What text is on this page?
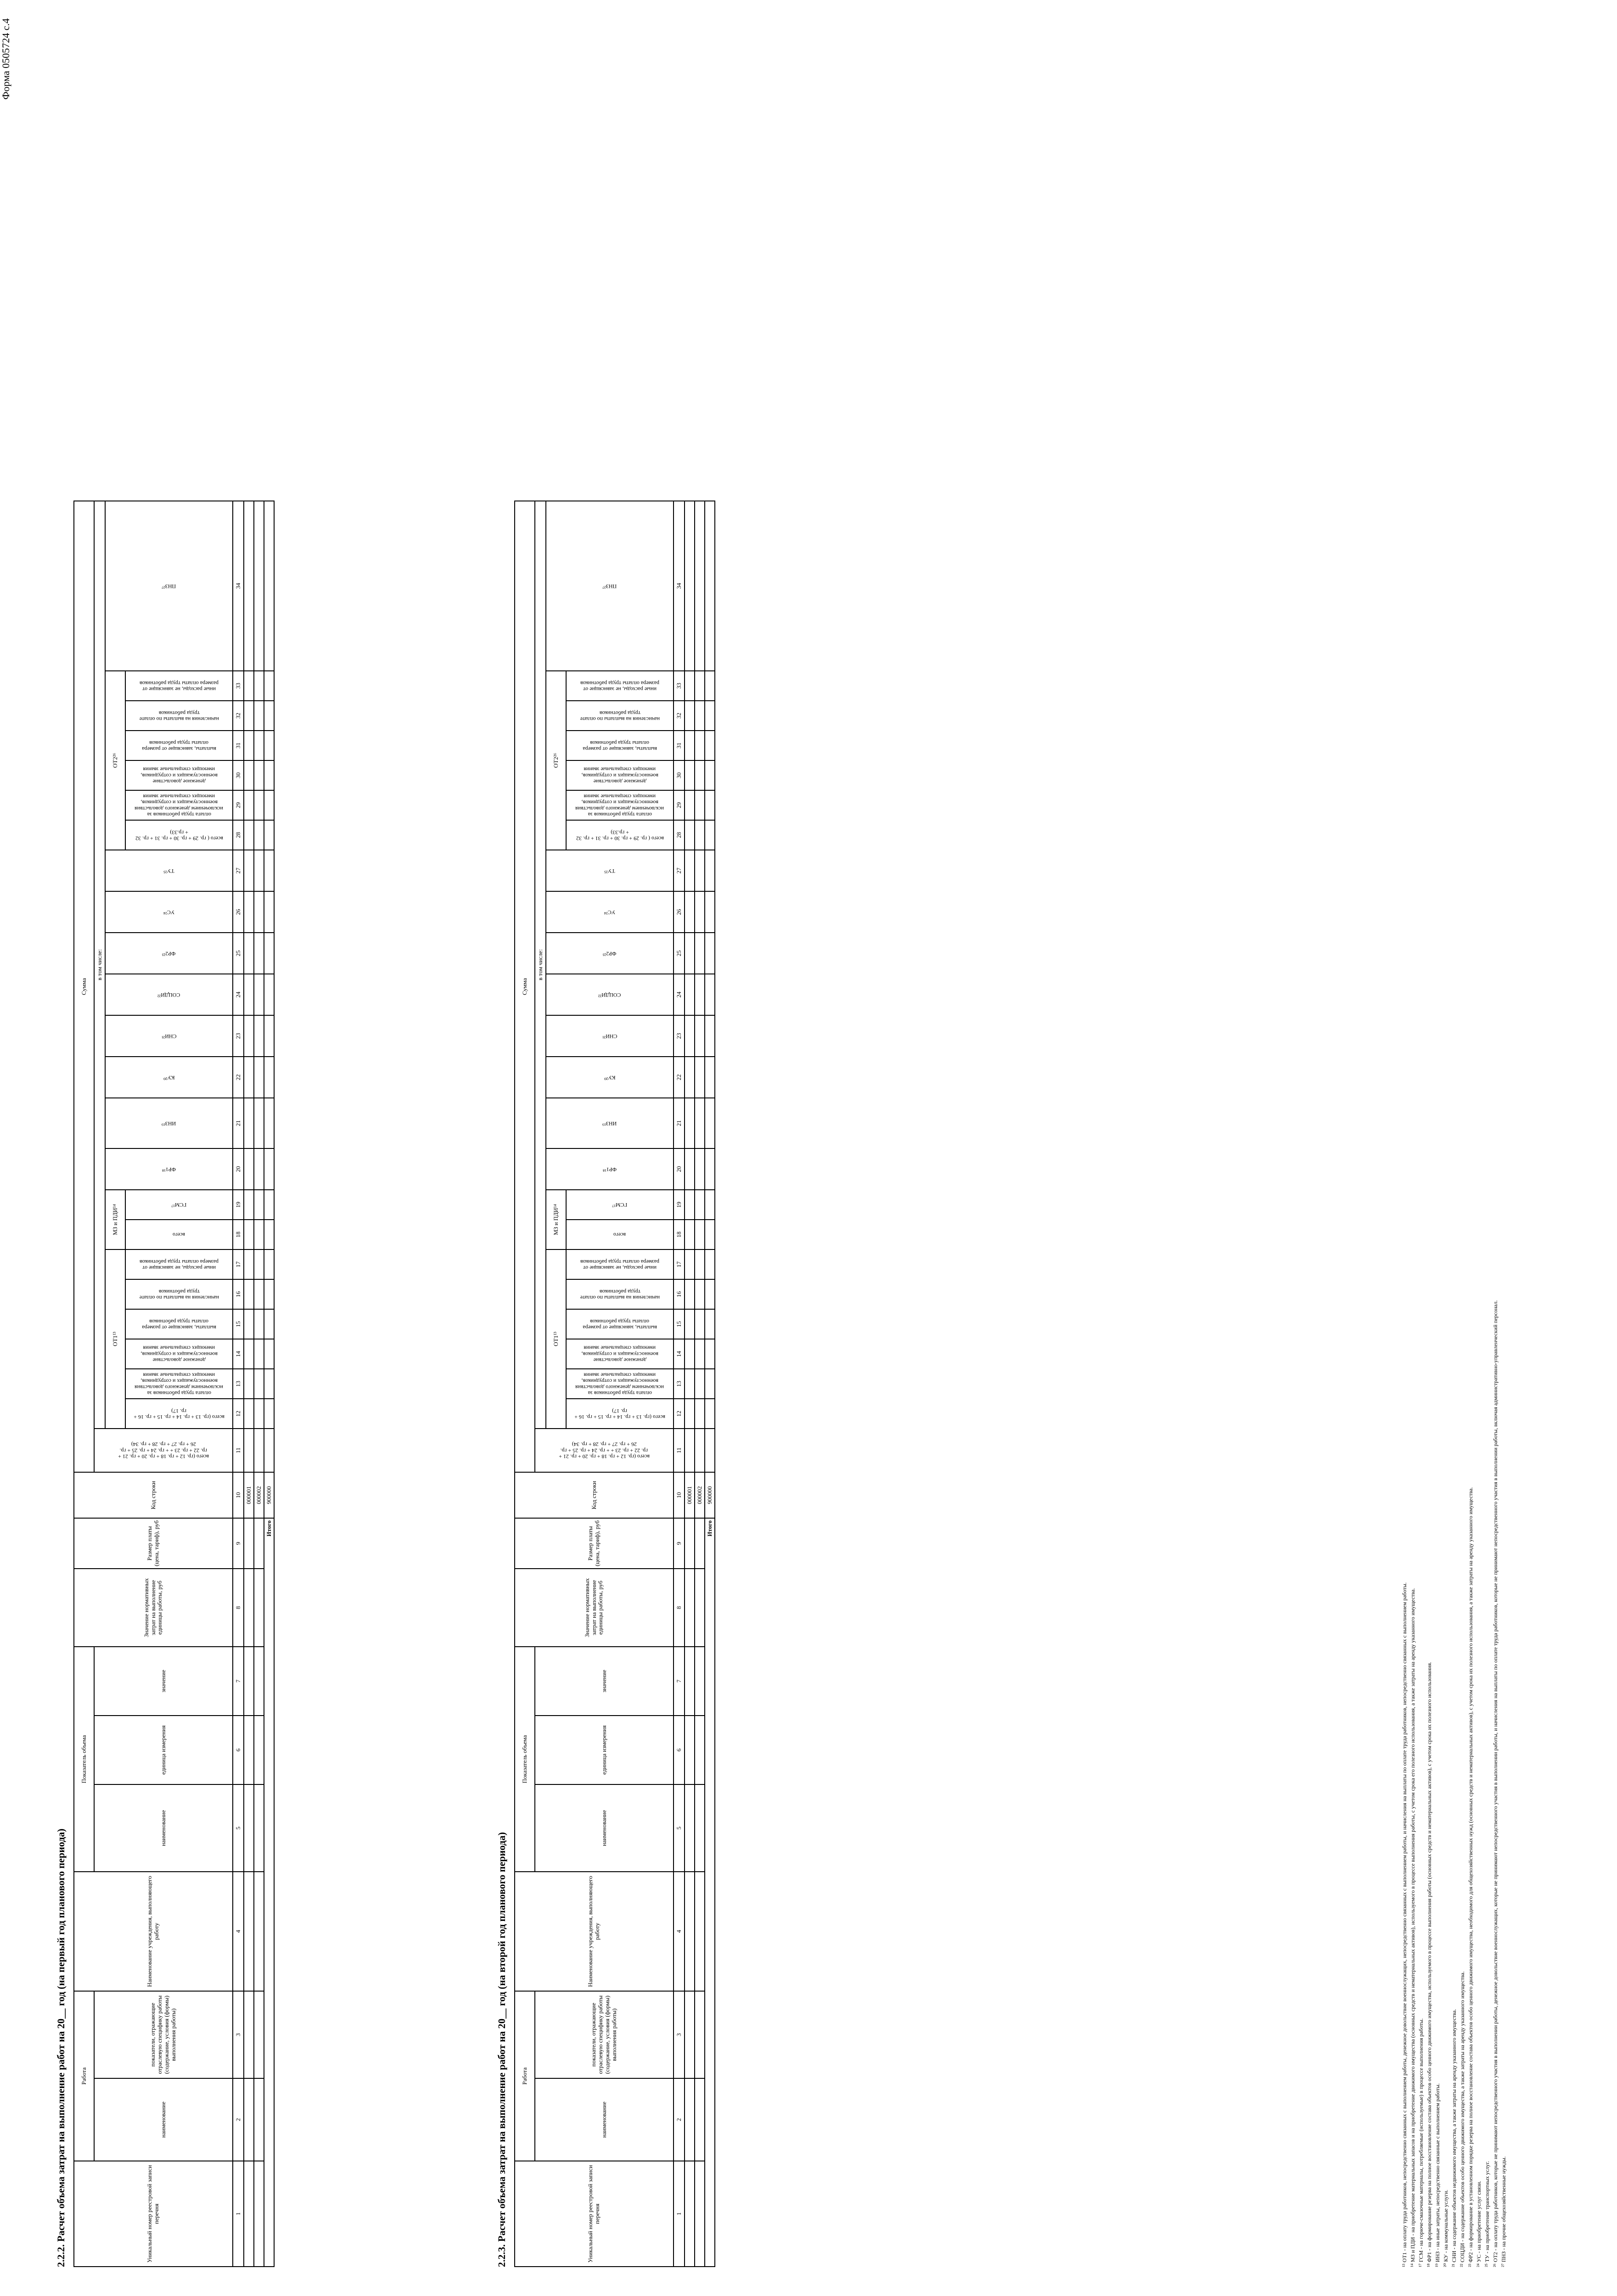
Форма 0505724 с.4
2.2.2. Расчет объема затрат на выполнение работ на 20__ год (на первый год планового периода)	Уникальный номер реестровой записи перечня	Работа		Наименование учреждения, выполняющего работу	Показатель объема			Значение нормативных затрат на выполнение единицы работы, руб	Размер платы (цена, тариф), руб	Код строки	Сумма																							
	наименование	показатели, отражающие отраслевую специфику работы (содержание, условия (формы) выполнения работы)		наименование	единица измерения	значение				всего (гр. 12 + гр. 18 + гр. 20 + гр. 21 + гр. 22 + гр. 23 + + гр. 24 + гр. 25 + гр. 26 + гр. 27 + гр. 28 + гр. 34)	в том числе:																						
											ОТ1¹³						МЗ и ПДИ¹⁴		ФР1¹⁸	ИНЗ¹⁹	КУ²⁰	СНИ²¹	СОЦДИ²²	ФР2²³	УС²⁴	ТУ²⁵	ОТ2²⁶						ПНЗ²⁷

											всего (гр. 13 + гр. 14 + гр. 15 + гр. 16 + гр. 17)	оплата труда работников за исключением денежного довольствия военнослужащих и сотрудников, имеющих специальные звания	денежное довольствие военнослужащих и сотрудников, имеющих специальные звания	выплаты, зависящие от размера оплаты труда работников	начисления на выплаты по оплате труда работников	иные расходы, не зависящие от размера оплаты труда работников	всего	ГСМ¹⁷									всего ( гр. 29 + гр. 30 + гр. 31 + гр. 32 + гр.33)	оплата труда работников за исключением денежного довольствия военнослужащих и сотрудников, имеющих специальные звания	денежное довольствие военнослужащих и сотрудников, имеющих специальные звания	выплаты, зависящие от размера оплаты труда работников	начисления на выплаты по оплате труда работников	иные расходы, не зависящие от размера оплаты труда работников	

1	2	3	4	5	6	7	8	9	10	11	12	13	14	15	16	17	18	19	20	21	22	23	24	25	26	27	28	29	30	31	32	33	34
									000001																								
									000002																								
Итого									900000																								
2.2.3. Расчет объема затрат на выполнение работ на 20__ год (на второй год планового периода)	Уникальный номер реестровой записи перечня	Работа		Наименование учреждения, выполняющего работу	Показатель объема			Значение нормативных затрат на выполнение единицы работы, руб	Размер платы (цена, тариф), руб	Код строки	Сумма																							
	наименование	показатели, отражающие отраслевую специфику работы (содержание, условия (формы) выполнения работы)		наименование	единица измерения	значение				всего (гр. 12 + гр. 18 + гр. 20 + гр. 21 + гр. 22 + гр. 23 + + гр. 24 + гр. 25 + гр. 26 + гр. 27 + гр. 28 + гр. 34)	в том числе:																						
											ОТ1¹³						МЗ и ПДИ¹⁴		ФР1¹⁸	ИНЗ¹⁹	КУ²⁰	СНИ²¹	СОЦДИ²²	ФР2²³	УС²⁴	ТУ²⁵	ОТ2²⁶						ПНЗ²⁷

											всего (гр. 13 + гр. 14 + гр. 15 + гр. 16 + гр. 17)	оплата труда работников за исключением денежного довольствия военнослужащих и сотрудников, имеющих специальные звания	денежное довольствие военнослужащих и сотрудников, имеющих специальные звания	выплаты, зависящие от размера оплаты труда работников	начисления на выплаты по оплате труда работников	иные расходы, не зависящие от размера оплаты труда работников	всего	ГСМ¹⁷									всего ( гр. 29 + гр. 30 + гр. 31 + гр. 32 + гр.33)	оплата труда работников за исключением денежного довольствия военнослужащих и сотрудников, имеющих специальные звания	денежное довольствие военнослужащих и сотрудников, имеющих специальные звания	выплаты, зависящие от размера оплаты труда работников	начисления на выплаты по оплате труда работников	иные расходы, не зависящие от размера оплаты труда работников	

1	2	3	4	5	6	7	8	9	10	11	12	13	14	15	16	17	18	19	20	21	22	23	24	25	26	27	28	29	30	31	32	33	34
									000001																								
									000002																								
Итого									900000																								
¹³ ОТ1 - на оплату труда работников, непосредственно связанных с выполнением работы, денежное довольствие военнослужащих, непосредственно связанных с выполнением работы, и начисления на выплаты по оплате труда работников, непосредственно связанных с выполнением работы. ¹⁴ МЗ и ПДИ - на приобретение материальных запасов и на приобретение движимого имущества (основных средств и нематериальных активов), используемого в процессе выполнения работы, с учетом срока его полезного использования, а также затраты на аренду указанного имущества. ¹⁷ ГСМ - на горюче-смазочные материалы, потребляемые (используемые) в процессе выполнения работы. ¹⁸ ФР1 - на формирование резерва на полное восстановление состава объектов особо ценного движимого имущества, используемого в процессе выполнения работы (основных средств и нематериальных активов), с учетом срока их полезного использования. ¹⁹ ИНЗ - на иные затраты, непосредственно связанные с выполнением работы. ²⁰ КУ - на коммунальные услуги. ²¹ СНИ - на содержание объектов недвижимого имущества, а также затраты на аренду указанного имущества. ²² СОЦДИ - на содержание объектов особо ценного движимого имущества, а также затраты на аренду указанного имущества. ²³ ФР2 - на формирование в установленном порядке резерва на полное восстановление состава объектов особо ценного движимого имущества, необходимого для общехозяйственных нужд (основных средств и нематериальных активов), с учетом срока их полезного использования, а также затраты на аренду указанного имущества. ²⁴ УС - на приобретение услуг связи. ²⁵ ТУ - на приобретение транспортных услуг. ²⁶ ОТ2 - на оплату труда работников, которые не принимают непосредственного участия в выполнении работы, денежное довольствие военнослужащих, которые не принимают непосредственного участия в выполнении работы, и начисления на выплаты по оплате труда работников, которые не принимают непосредственного участия в выполнении работы, включая административно-управленческий персонал. ²⁷ ПНЗ - на прочие общехозяйственные нужды.
